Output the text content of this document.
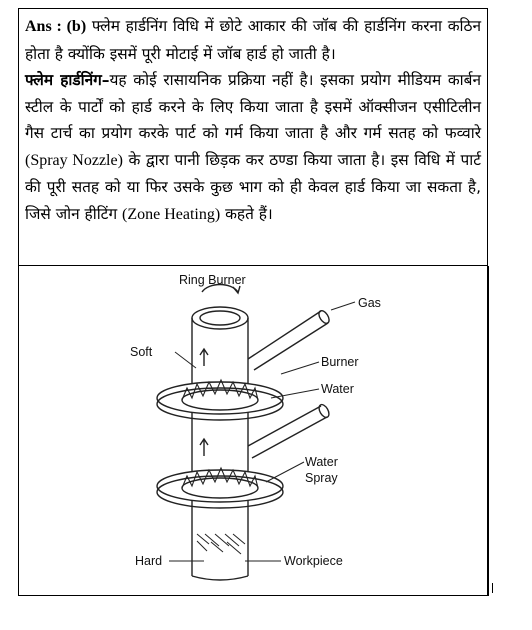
Ans : (b) फ्लेम हार्डनिंग विधि में छोटे आकार की जॉब की हार्डनिंग करना कठिन होता है क्योंकि इसमें पूरी मोटाई में जॉब हार्ड हो जाती है।

फ्लेम हार्डनिंग–यह कोई रासायनिक प्रक्रिया नहीं है। इसका प्रयोग मीडियम कार्बन स्टील के पार्टों को हार्ड करने के लिए किया जाता है इसमें ऑक्सीजन एसीटिलीन गैस टार्च का प्रयोग करके पार्ट को गर्म किया जाता है और गर्म सतह को फव्वारे (Spray Nozzle) के द्वारा पानी छिड़क कर ठण्डा किया जाता है। इस विधि में पार्ट की पूरी सतह को या फिर उसके कुछ भाग को ही केवल हार्ड किया जा सकता है, जिसे जोन हीटिंग (Zone Heating) कहते हैं।

Ring Burner
Gas
Soft
Burner
Water
Water
Spray
Hard	Workpiece
